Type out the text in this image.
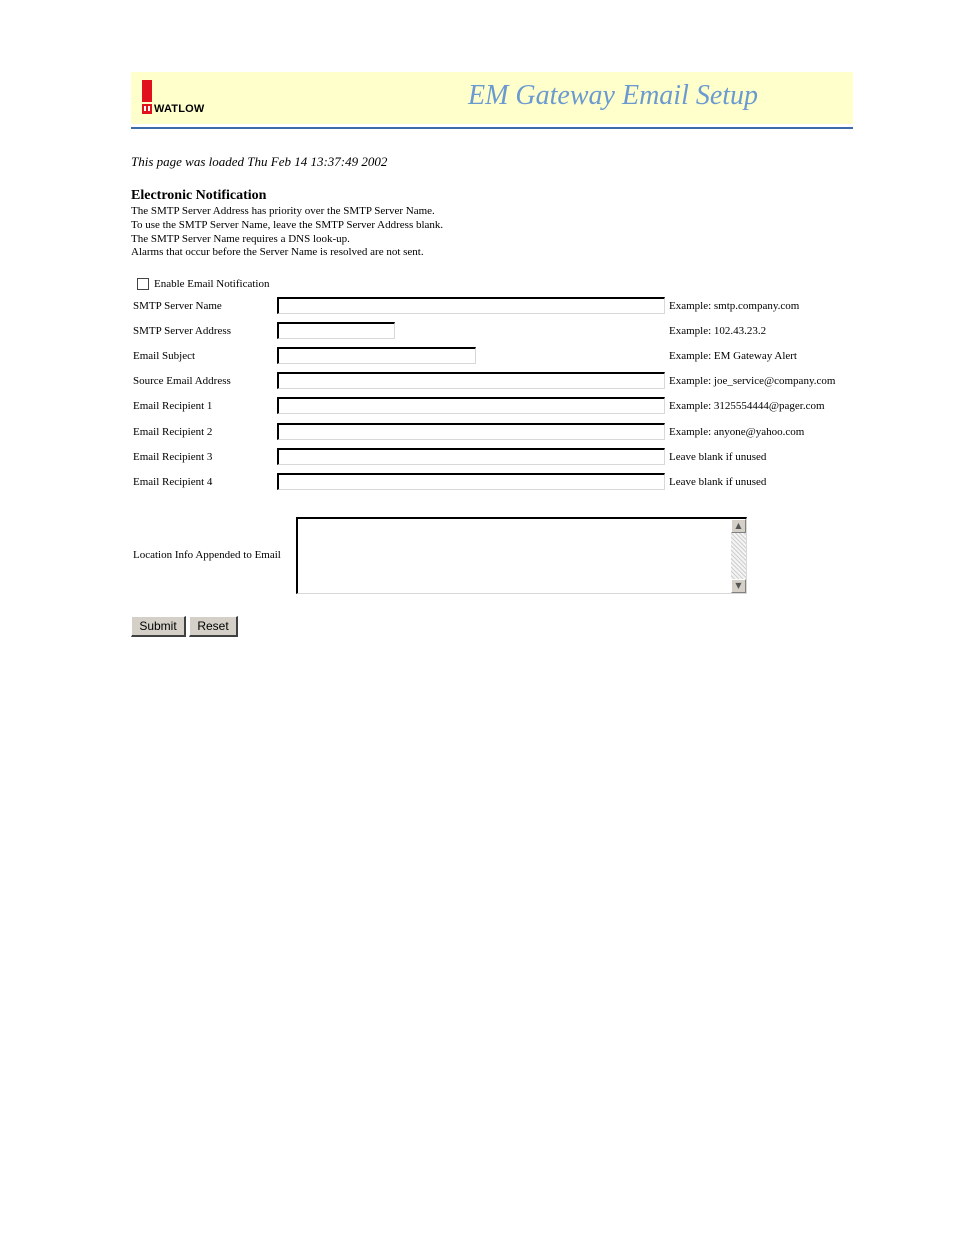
WATLOW	EM Gateway Email Setup
This page was loaded Thu Feb 14 13:37:49 2002
Electronic Notification
The SMTP Server Address has priority over the SMTP Server Name.
To use the SMTP Server Name, leave the SMTP Server Address blank.
The SMTP Server Name requires a DNS look-up.
Alarms that occur before the Server Name is resolved are not sent.
Enable Email Notification
SMTP Server Name	Example: smtp.company.com
SMTP Server Address	Example: 102.43.23.2
Email Subject	Example: EM Gateway Alert
Source Email Address	Example: joe_service@company.com
Email Recipient 1	Example: 3125554444@pager.com
Email Recipient 2	Example: anyone@yahoo.com
Email Recipient 3	Leave blank if unused
Email Recipient 4	Leave blank if unused
Location Info Appended to Email
▲
▼
Submit	Reset
